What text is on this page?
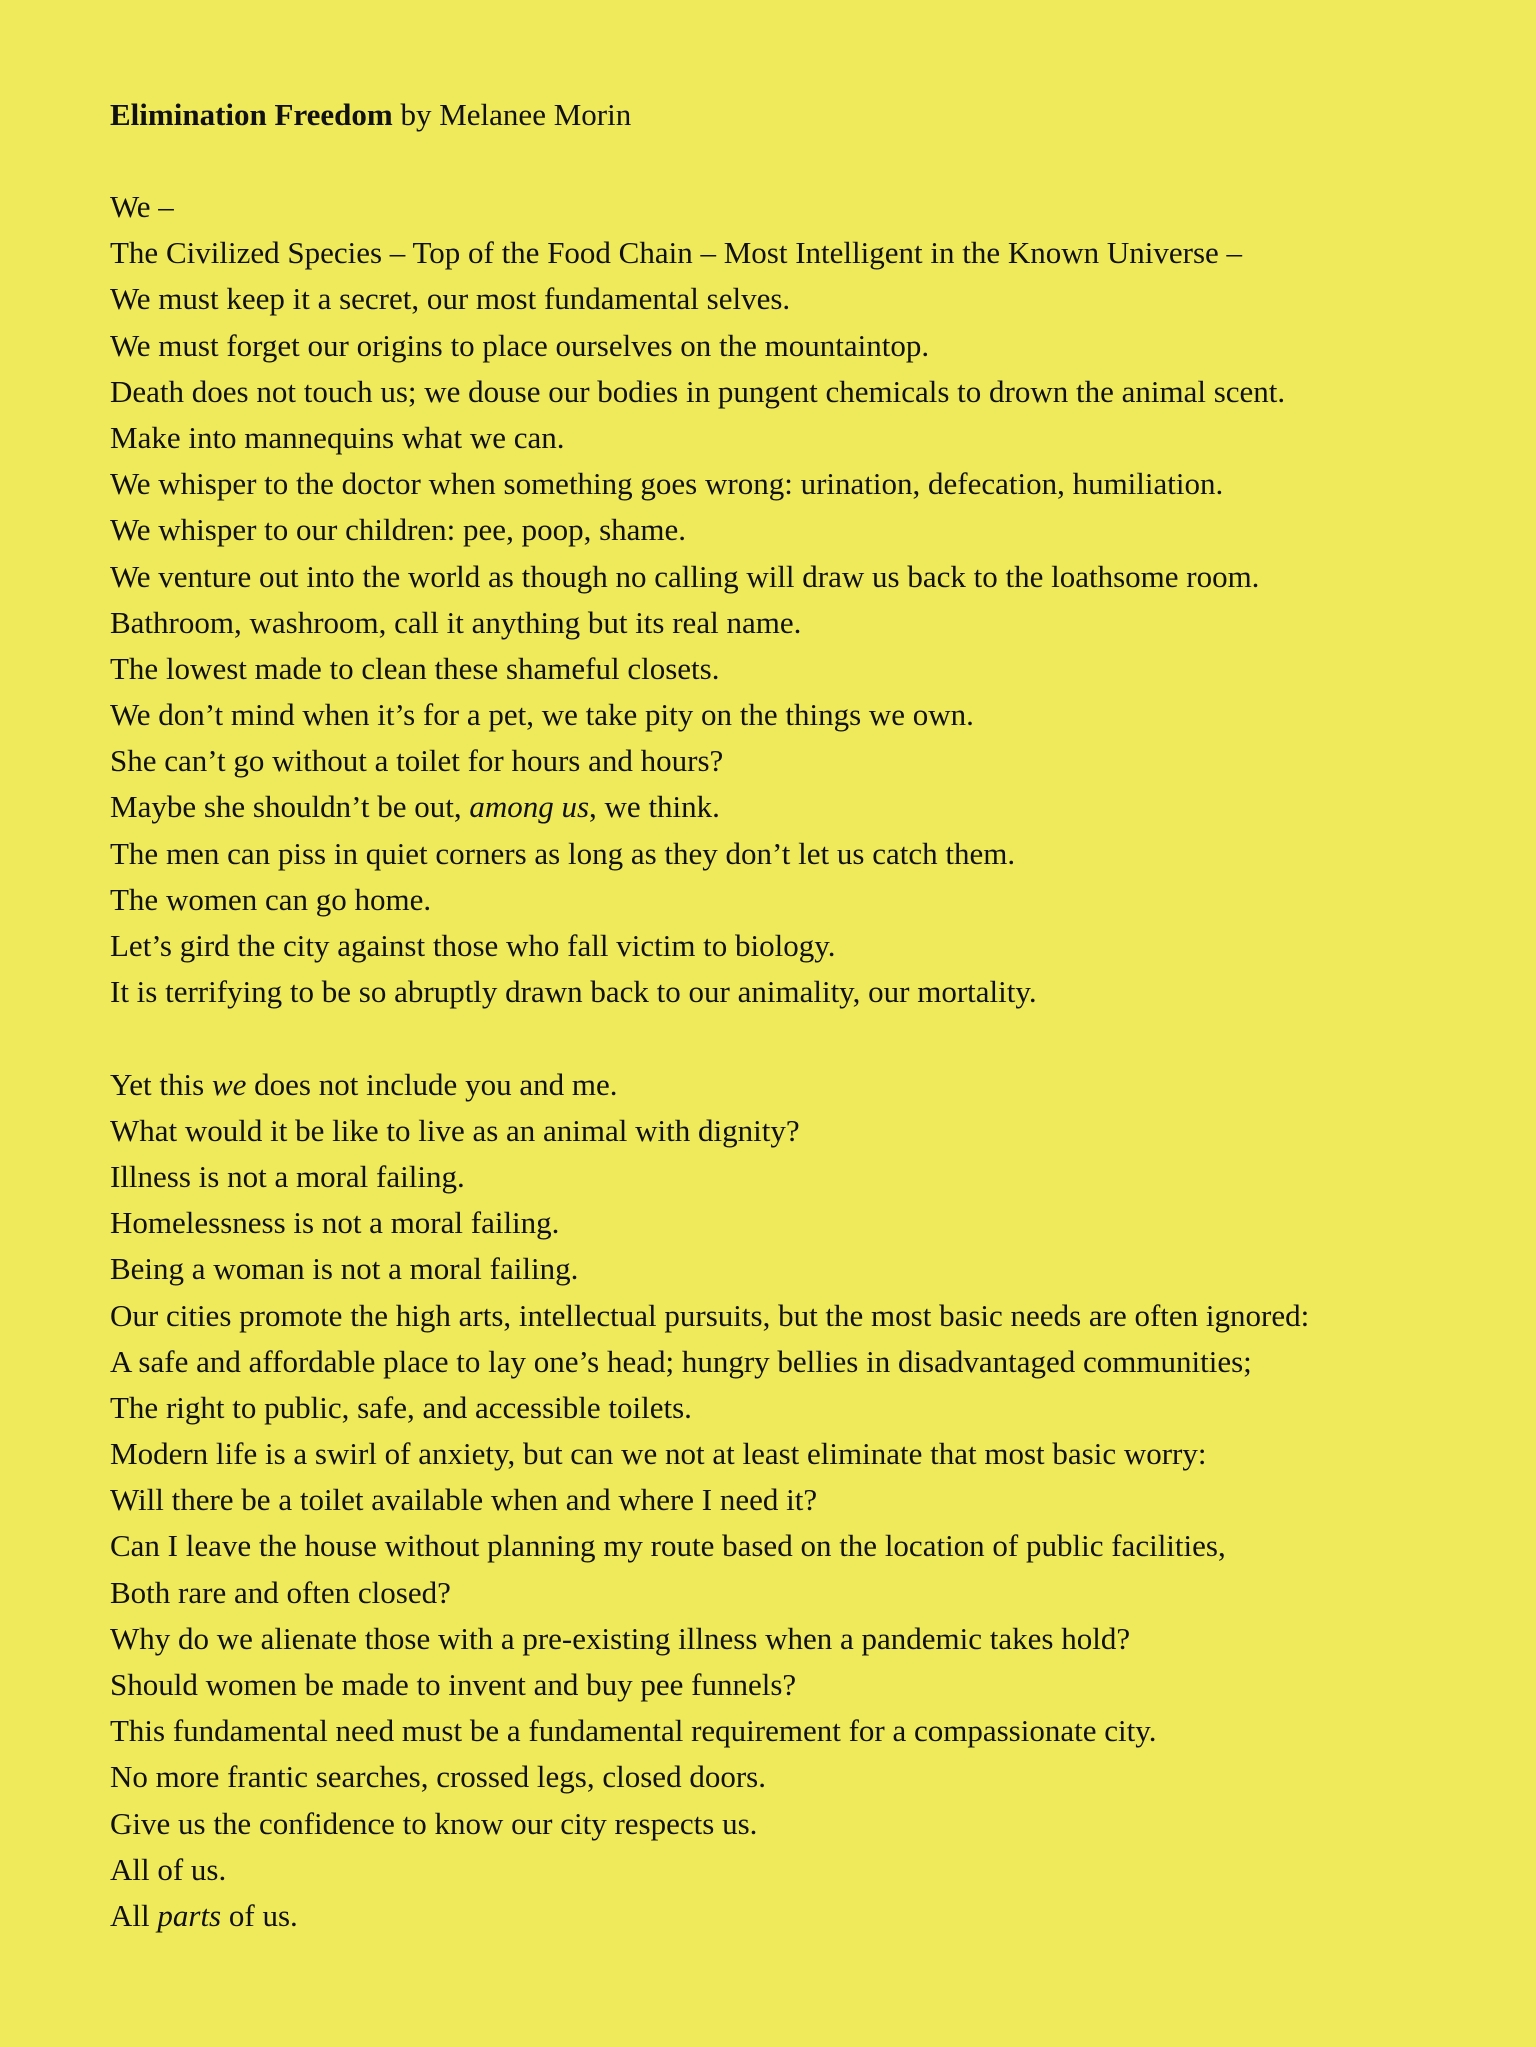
Elimination Freedom by Melanee Morin

We –

The Civilized Species – Top of the Food Chain – Most Intelligent in the Known Universe –

We must keep it a secret, our most fundamental selves.

We must forget our origins to place ourselves on the mountaintop.

Death does not touch us; we douse our bodies in pungent chemicals to drown the animal scent.

Make into mannequins what we can.

We whisper to the doctor when something goes wrong: urination, defecation, humiliation.

We whisper to our children: pee, poop, shame.

We venture out into the world as though no calling will draw us back to the loathsome room.

Bathroom, washroom, call it anything but its real name.

The lowest made to clean these shameful closets.

We don’t mind when it’s for a pet, we take pity on the things we own.

She can’t go without a toilet for hours and hours?

Maybe she shouldn’t be out, among us, we think.

The men can piss in quiet corners as long as they don’t let us catch them.

The women can go home.

Let’s gird the city against those who fall victim to biology.

It is terrifying to be so abruptly drawn back to our animality, our mortality.

Yet this we does not include you and me.

What would it be like to live as an animal with dignity?

Illness is not a moral failing.

Homelessness is not a moral failing.

Being a woman is not a moral failing.

Our cities promote the high arts, intellectual pursuits, but the most basic needs are often ignored:

A safe and affordable place to lay one’s head; hungry bellies in disadvantaged communities;

The right to public, safe, and accessible toilets.

Modern life is a swirl of anxiety, but can we not at least eliminate that most basic worry:

Will there be a toilet available when and where I need it?

Can I leave the house without planning my route based on the location of public facilities,

Both rare and often closed?

Why do we alienate those with a pre-existing illness when a pandemic takes hold?

Should women be made to invent and buy pee funnels?

This fundamental need must be a fundamental requirement for a compassionate city.

No more frantic searches, crossed legs, closed doors.

Give us the confidence to know our city respects us.

All of us.

All parts of us.
